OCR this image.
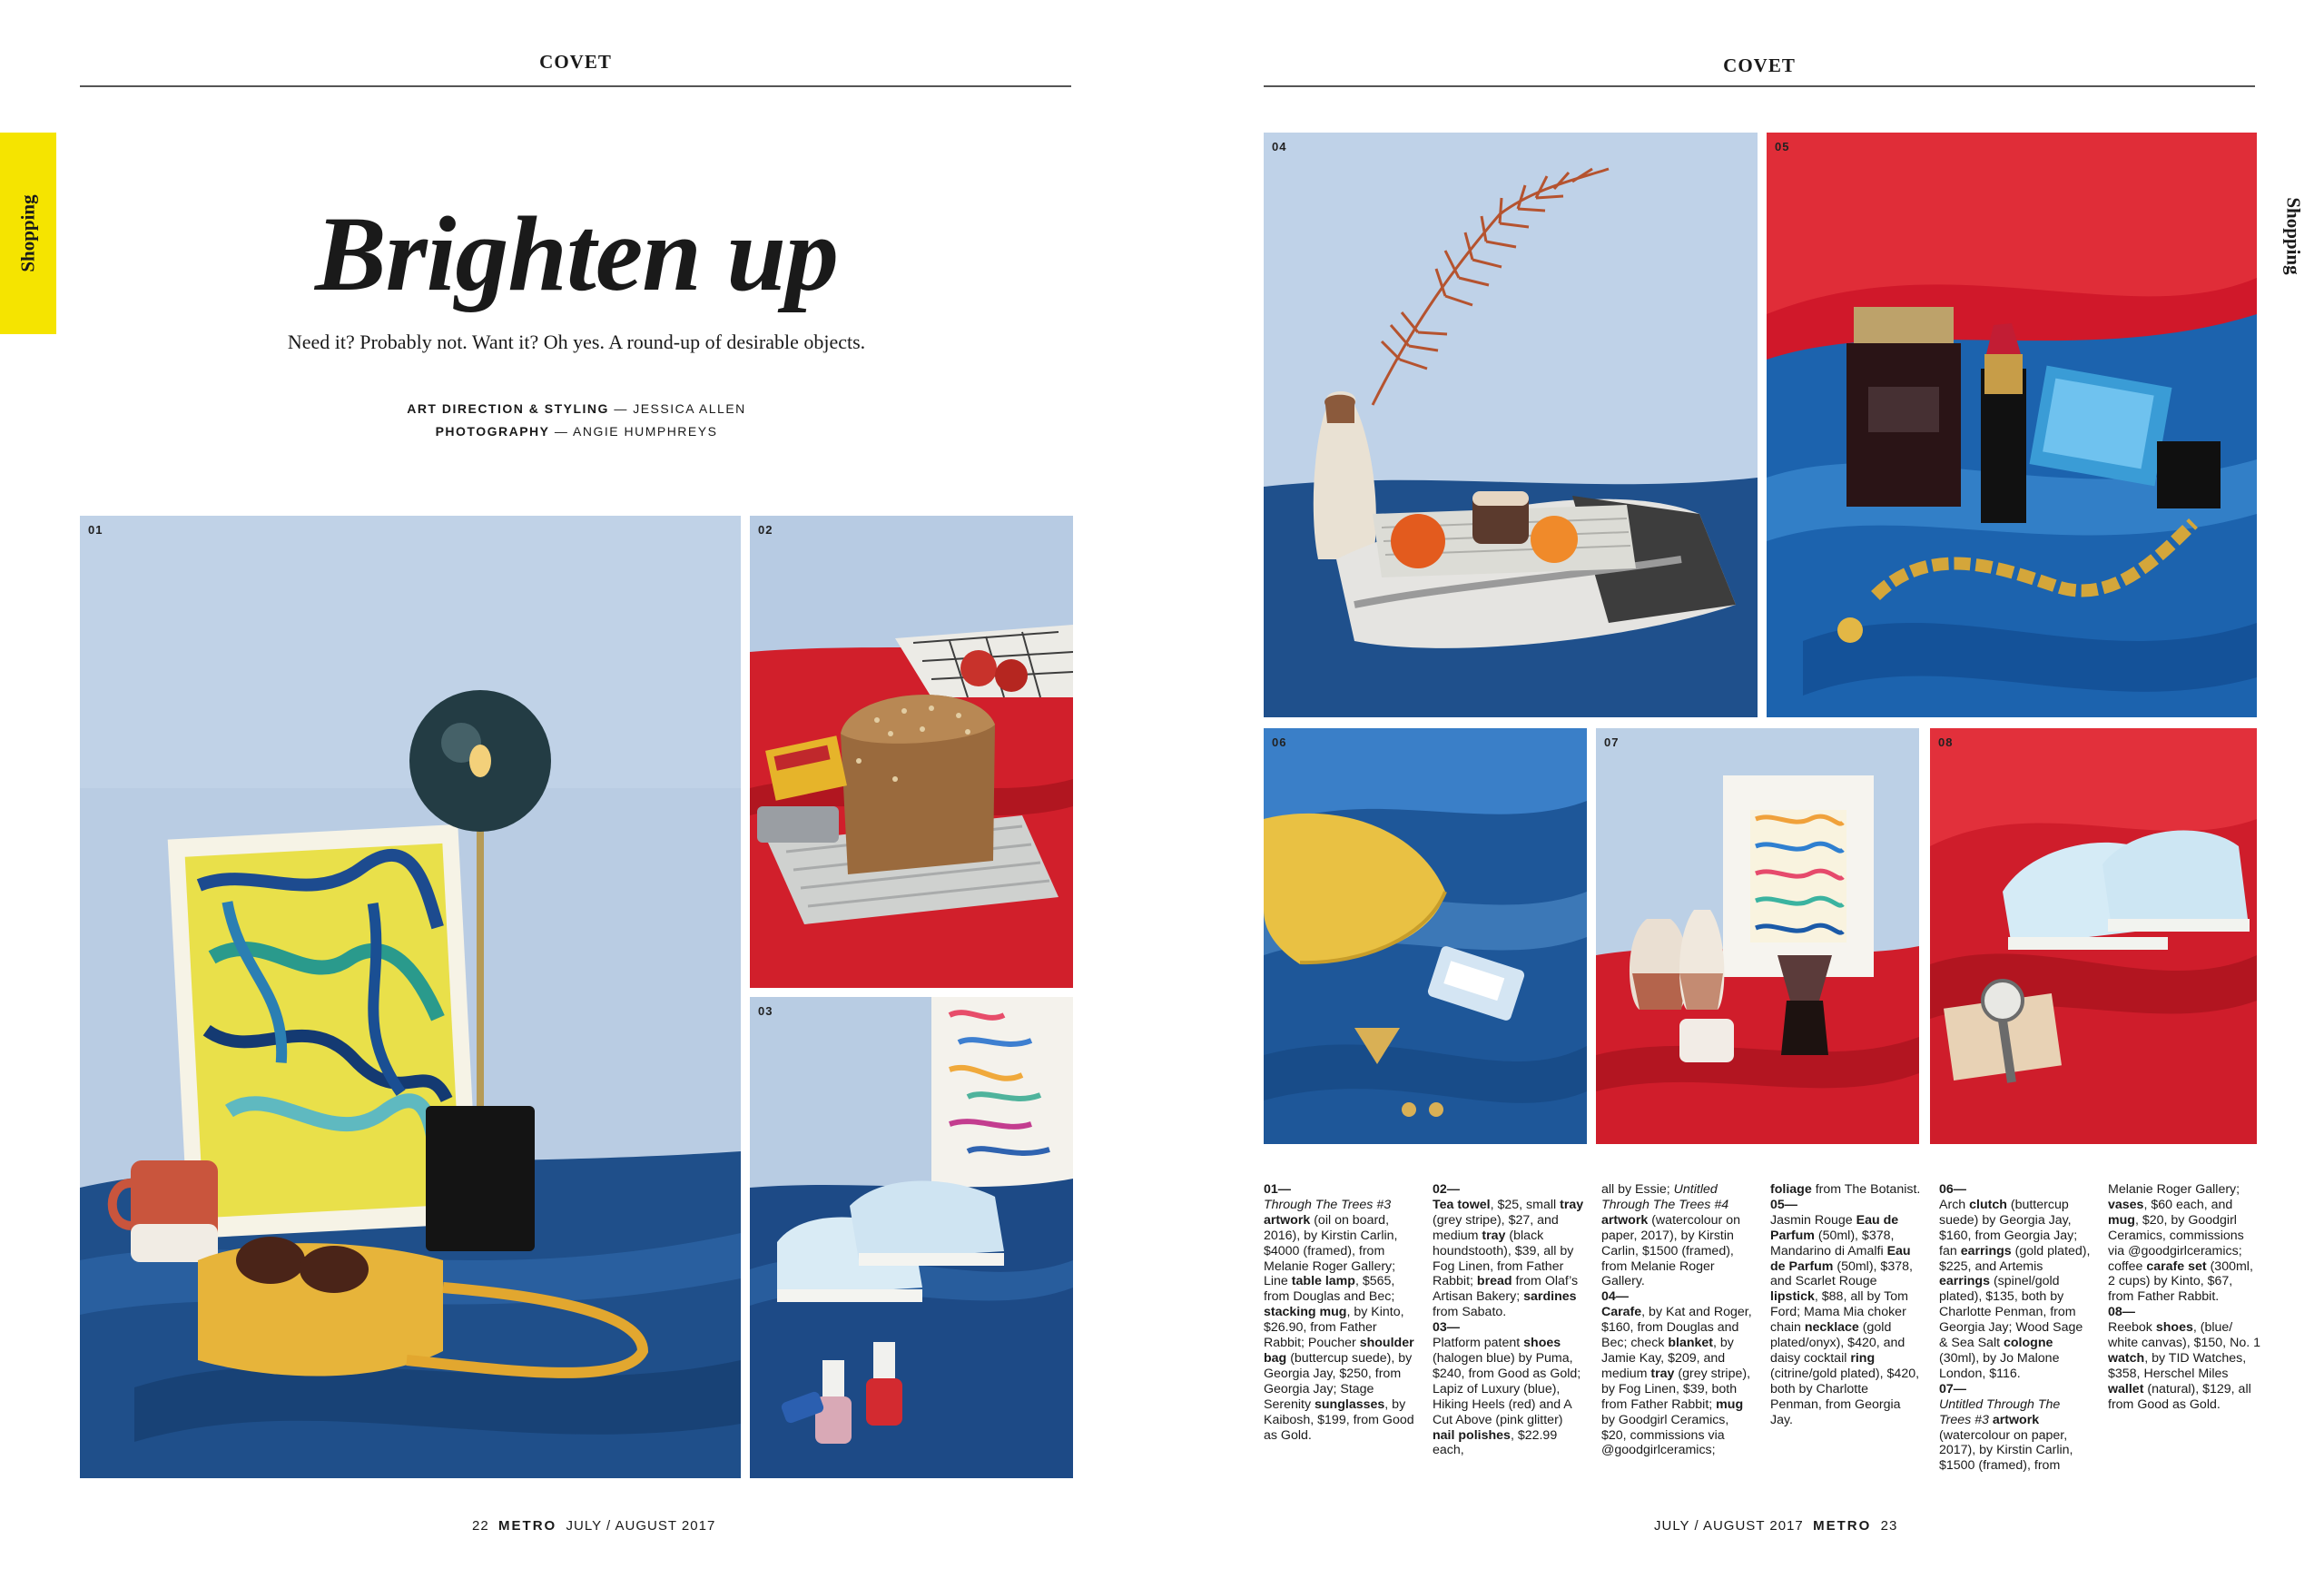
COVET
Shopping	Brighten up
Need it? Probably not. Want it? Oh yes. A round-up of desirable objects.
ART DIRECTION & STYLING — JESSICA ALLEN
PHOTOGRAPHY — ANGIE HUMPHREYS
01	02
03
22 METRO JULY / AUGUST 2017
COVET
Shopping
04	05
06	07	08

01—
Through The Trees #3 artwork (oil on board, 2016), by Kirstin Carlin, $4000 (framed), from Melanie Roger Gallery; Line table lamp, $565, from Douglas and Bec; stacking mug, by Kinto, $26.90, from Father Rabbit; Poucher shoulder bag (buttercup suede), by Georgia Jay, $250, from Georgia Jay; Stage Serenity sunglasses, by Kaibosh, $199, from Good as Gold.

02—
Tea towel, $25, small tray (grey stripe), $27, and medium tray (black houndstooth), $39, all by Fog Linen, from Father Rabbit; bread from Olaf’s Artisan Bakery; sardines from Sabato.
03—
Platform patent shoes (halogen blue) by Puma, $240, from Good as Gold; Lapiz of Luxury (blue), Hiking Heels (red) and A Cut Above (pink glitter) nail polishes, $22.99 each,

all by Essie; Untitled Through The Trees #4 artwork (watercolour on paper, 2017), by Kirstin Carlin, $1500 (framed), from Melanie Roger Gallery.
04—
Carafe, by Kat and Roger, $160, from Douglas and Bec; check blanket, by Jamie Kay, $209, and medium tray (grey stripe), by Fog Linen, $39, both from Father Rabbit; mug by Goodgirl Ceramics, $20, commissions via @goodgirlceramics;

foliage from The Botanist.
05—
Jasmin Rouge Eau de Parfum (50ml), $378, Mandarino di Amalfi Eau de Parfum (50ml), $378, and Scarlet Rouge lipstick, $88, all by Tom Ford; Mama Mia choker chain necklace (gold plated/onyx), $420, and daisy cocktail ring (citrine/gold plated), $420, both by Charlotte Penman, from Georgia Jay.

06—
Arch clutch (buttercup suede) by Georgia Jay, $160, from Georgia Jay; fan earrings (gold plated), $225, and Artemis earrings (spinel/gold plated), $135, both by Charlotte Penman, from Georgia Jay; Wood Sage & Sea Salt cologne (30ml), by Jo Malone London, $116.
07—
Untitled Through The Trees #3 artwork (watercolour on paper, 2017), by Kirstin Carlin, $1500 (framed), from

Melanie Roger Gallery; vases, $60 each, and mug, $20, by Goodgirl Ceramics, commissions via @goodgirlceramics; coffee carafe set (300ml, 2 cups) by Kinto, $67, from Father Rabbit.
08—
Reebok shoes, (blue/ white canvas), $150, No. 1 watch, by TID Watches, $358, Herschel Miles wallet (natural), $129, all from Good as Gold.

JULY / AUGUST 2017 METRO 23
